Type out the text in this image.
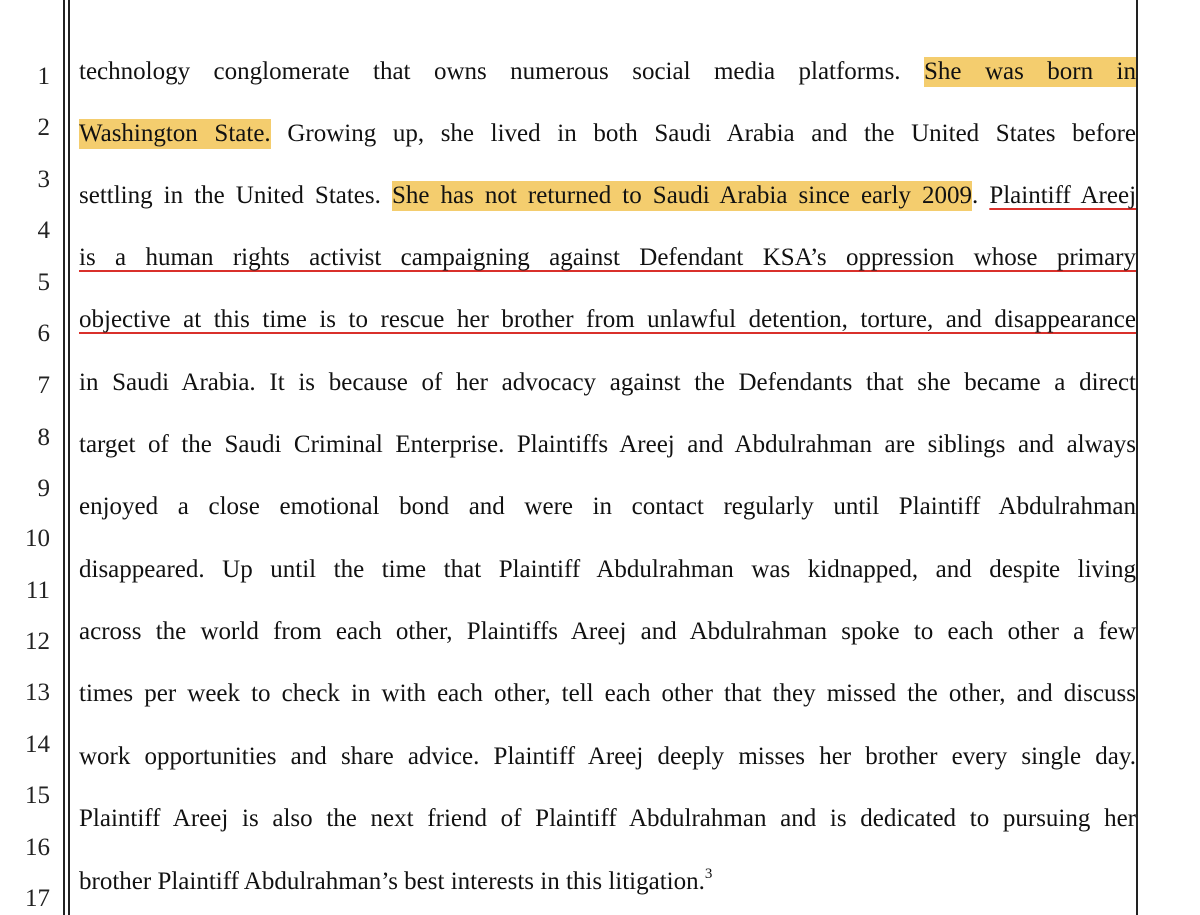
1
2
3
4
5
6
7
8
9
10
11
12
13
14
15
16
17
technology conglomerate that owns numerous social media platforms. She was born in
Washington State. Growing up, she lived in both Saudi Arabia and the United States before
settling in the United States. She has not returned to Saudi Arabia since early 2009. Plaintiff Areej
is a human rights activist campaigning against Defendant KSA’s oppression whose primary
objective at this time is to rescue her brother from unlawful detention, torture, and disappearance
in Saudi Arabia. It is because of her advocacy against the Defendants that she became a direct
target of the Saudi Criminal Enterprise. Plaintiffs Areej and Abdulrahman are siblings and always
enjoyed a close emotional bond and were in contact regularly until Plaintiff Abdulrahman
disappeared. Up until the time that Plaintiff Abdulrahman was kidnapped, and despite living
across the world from each other, Plaintiffs Areej and Abdulrahman spoke to each other a few
times per week to check in with each other, tell each other that they missed the other, and discuss
work opportunities and share advice. Plaintiff Areej deeply misses her brother every single day.
Plaintiff Areej is also the next friend of Plaintiff Abdulrahman and is dedicated to pursuing her
brother Plaintiff Abdulrahman’s best interests in this litigation.$^3$
